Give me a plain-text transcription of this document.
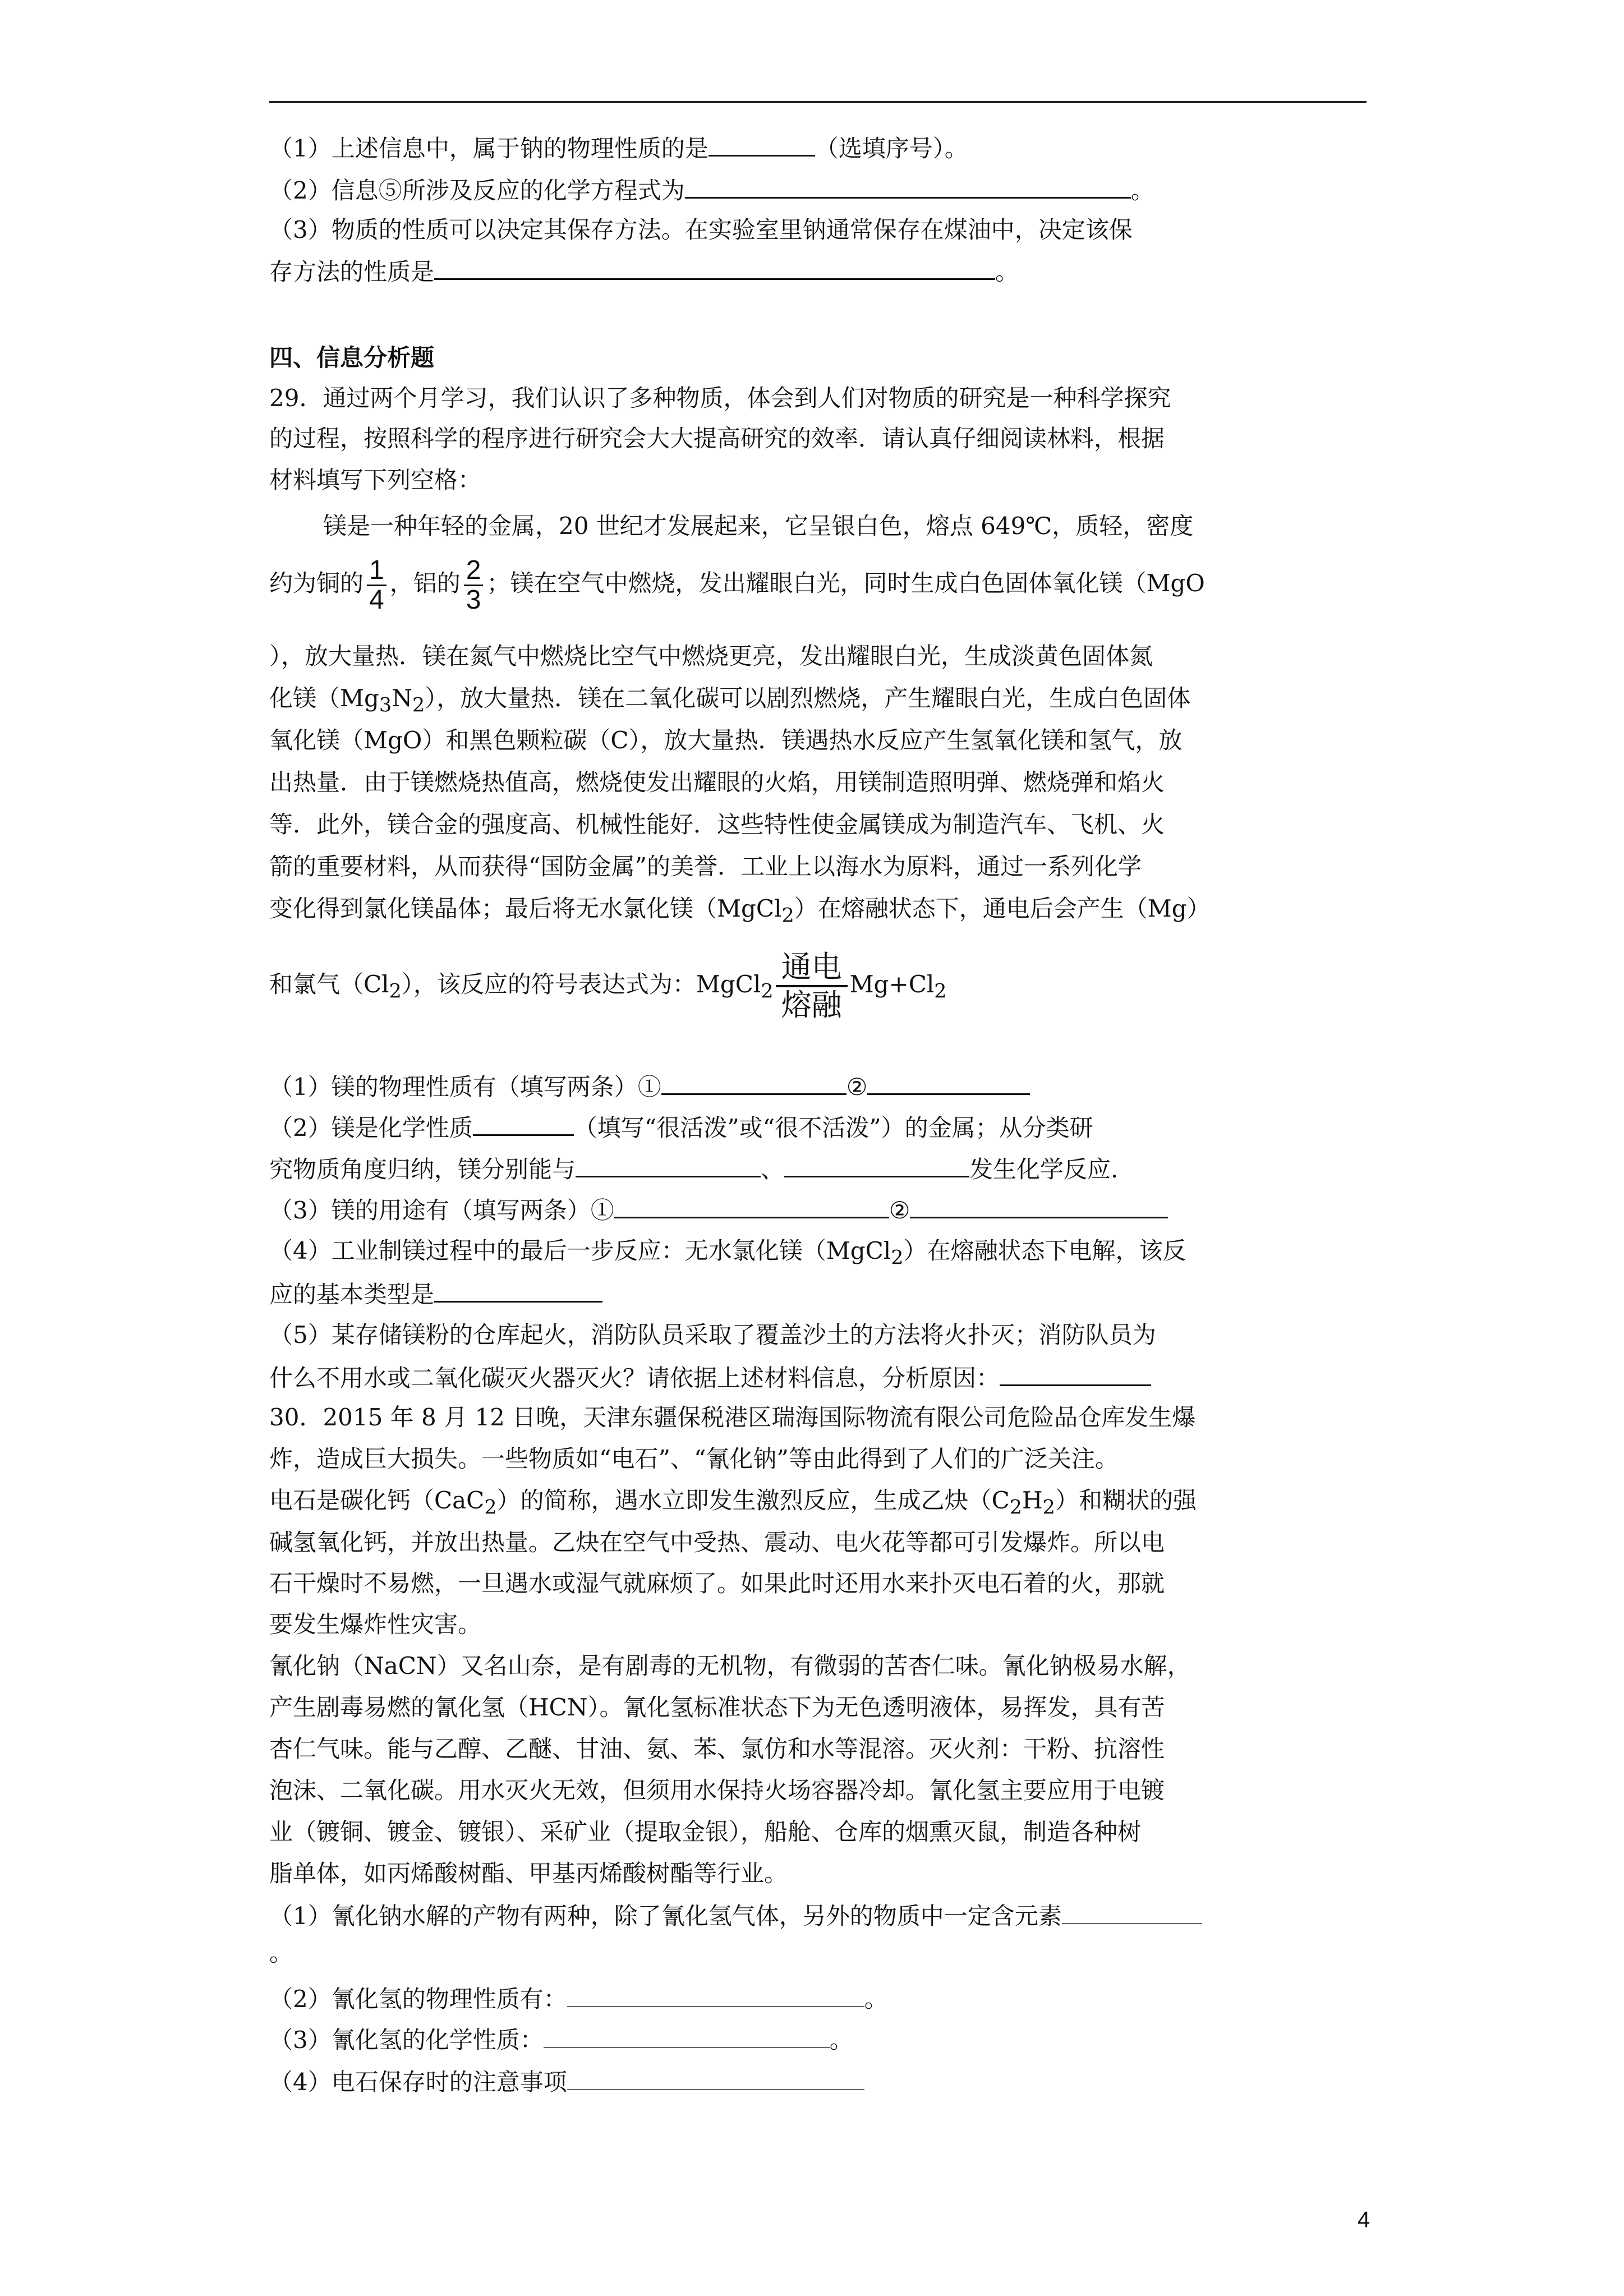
（1）上述信息中，属于钠的物理性质的是	（选填序号）。
（2）信息⑤所涉及反应的化学方程式为	。
（3）物质的性质可以决定其保存方法。在实验室里钠通常保存在煤油中，决定该保
存方法的性质是	。
四、信息分析题
29．通过两个月学习，我们认识了多种物质，体会到人们对物质的研究是一种科学探究
的过程，按照科学的程序进行研究会大大提高研究的效率．请认真仔细阅读林料，根据
材料填写下列空格：
镁是一种年轻的金属，20 世纪才发展起来，它呈银白色，熔点 649℃，质轻，密度
约为铜的 $\frac{1}{4}$ ，铝的 $\frac{2}{3}$ ；镁在空气中燃烧，发出耀眼白光，同时生成白色固体氧化镁（MgO
），放大量热．镁在氮气中燃烧比空气中燃烧更亮，发出耀眼白光，生成淡黄色固体氮
化镁$(Mg_3N_2)$，放大量热．镁在二氧化碳可以剧烈燃烧，产生耀眼白光，生成白色固体
氧化镁（MgO）和黑色颗粒碳（C），放大量热．镁遇热水反应产生氢氧化镁和氢气，放
出热量．由于镁燃烧热值高，燃烧使发出耀眼的火焰，用镁制造照明弹、燃烧弹和焰火
等．此外，镁合金的强度高、机械性能好．这些特性使金属镁成为制造汽车、飞机、火
箭的重要材料，从而获得“国防金属”的美誉．工业上以海水为原料，通过一系列化学
变化得到氯化镁晶体；最后将无水氯化镁（MgCl$_2$）在熔融状态下，通电后会产生（Mg）
和氯气$(Cl_2)$，该反应的符号表达式为：MgCl$_2$
通电
熔融
$Mg+Cl_2$
（1）镁的物理性质有（填写两条）①	②
（2）镁是化学性质	（填写“很活泼”或“很不活泼”）的金属；从分类研
究物质角度归纳，镁分别能与	、	发生化学反应.
（3）镁的用途有（填写两条）①	②
（4）工业制镁过程中的最后一步反应：无水氯化镁（MgCl$_2$）在熔融状态下电解，该反
应的基本类型是
（5）某存储镁粉的仓库起火，消防队员采取了覆盖沙土的方法将火扑灭；消防队员为
什么不用水或二氧化碳灭火器灭火？请依据上述材料信息，分析原因：
30．2015 年 8 月 12 日晚，天津东疆保税港区瑞海国际物流有限公司危险品仓库发生爆
炸，造成巨大损失。一些物质如“电石”、“氰化钠”等由此得到了人们的广泛关注。
电石是碳化钙（CaC$_2$）的简称，遇水立即发生激烈反应，生成乙炔$(C_2H_2)$和糊状的强
碱氢氧化钙，并放出热量。乙炔在空气中受热、震动、电火花等都可引发爆炸。所以电
石干燥时不易燃，一旦遇水或湿气就麻烦了。如果此时还用水来扑灭电石着的火，那就
要发生爆炸性灾害。
氰化钠（NaCN）又名山奈，是有剧毒的无机物，有微弱的苦杏仁味。氰化钠极易水解，
产生剧毒易燃的氰化氢（HCN）。氰化氢标准状态下为无色透明液体，易挥发，具有苦
杏仁气味。能与乙醇、乙醚、甘油、氨、苯、氯仿和水等混溶。灭火剂：干粉、抗溶性
泡沫、二氧化碳。用水灭火无效，但须用水保持火场容器冷却。氰化氢主要应用于电镀
业（镀铜、镀金、镀银）、采矿业（提取金银），船舱、仓库的烟熏灭鼠，制造各种树
脂单体，如丙烯酸树酯、甲基丙烯酸树酯等行业。
（1）氰化钠水解的产物有两种，除了氰化氢气体，另外的物质中一定含元素
。
（2）氰化氢的物理性质有：	。
（3）氰化氢的化学性质：	。
（4）电石保存时的注意事项
4
